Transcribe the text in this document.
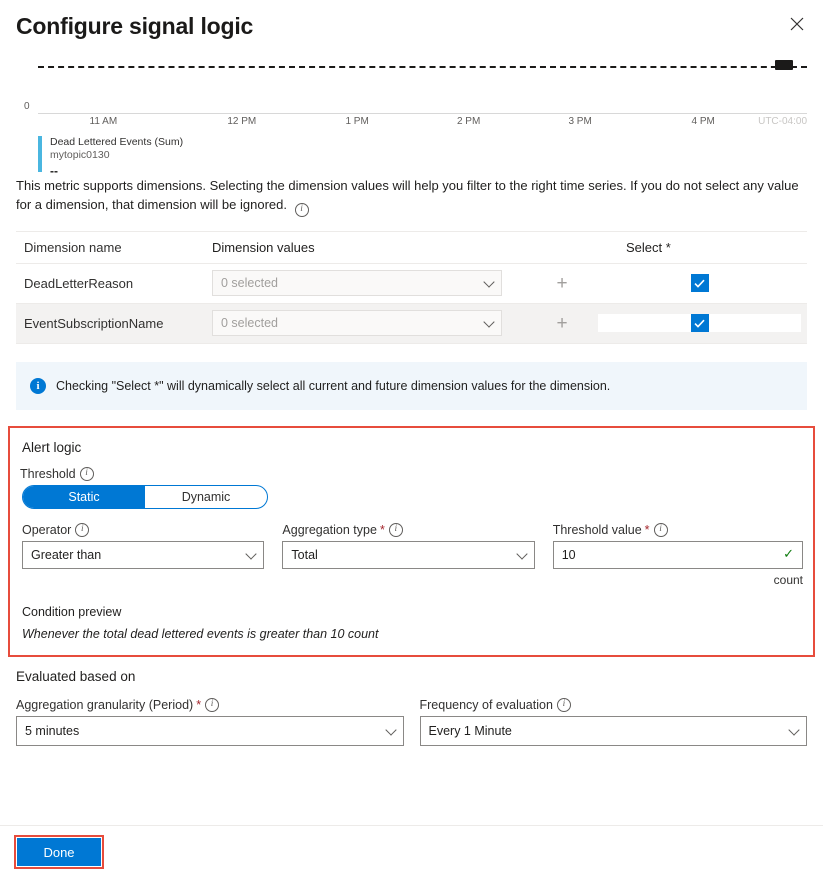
Configure signal logic
0
11 AM	12 PM	1 PM	2 PM	3 PM	4 PM	UTC-04:00
Dead Lettered Events (Sum)
mytopic0130
--
This metric supports dimensions. Selecting the dimension values will help you filter to the right time series. If you do not select any value for a dimension, that dimension will be ignored. i
Dimension name	Dimension values	Select *
DeadLetterReason	0 selected	+
EventSubscriptionName	0 selected	+
i	Checking "Select *" will dynamically select all current and future dimension values for the dimension.
Alert logic
Threshold	i
Static	Dynamic
Operator	i
Greater than
Aggregation type *	i
Total
Threshold value *	i
10	✓
count
Condition preview
Whenever the total dead lettered events is greater than 10 count
Evaluated based on
Aggregation granularity (Period) *	i
5 minutes
Frequency of evaluation	i
Every 1 Minute
Done
